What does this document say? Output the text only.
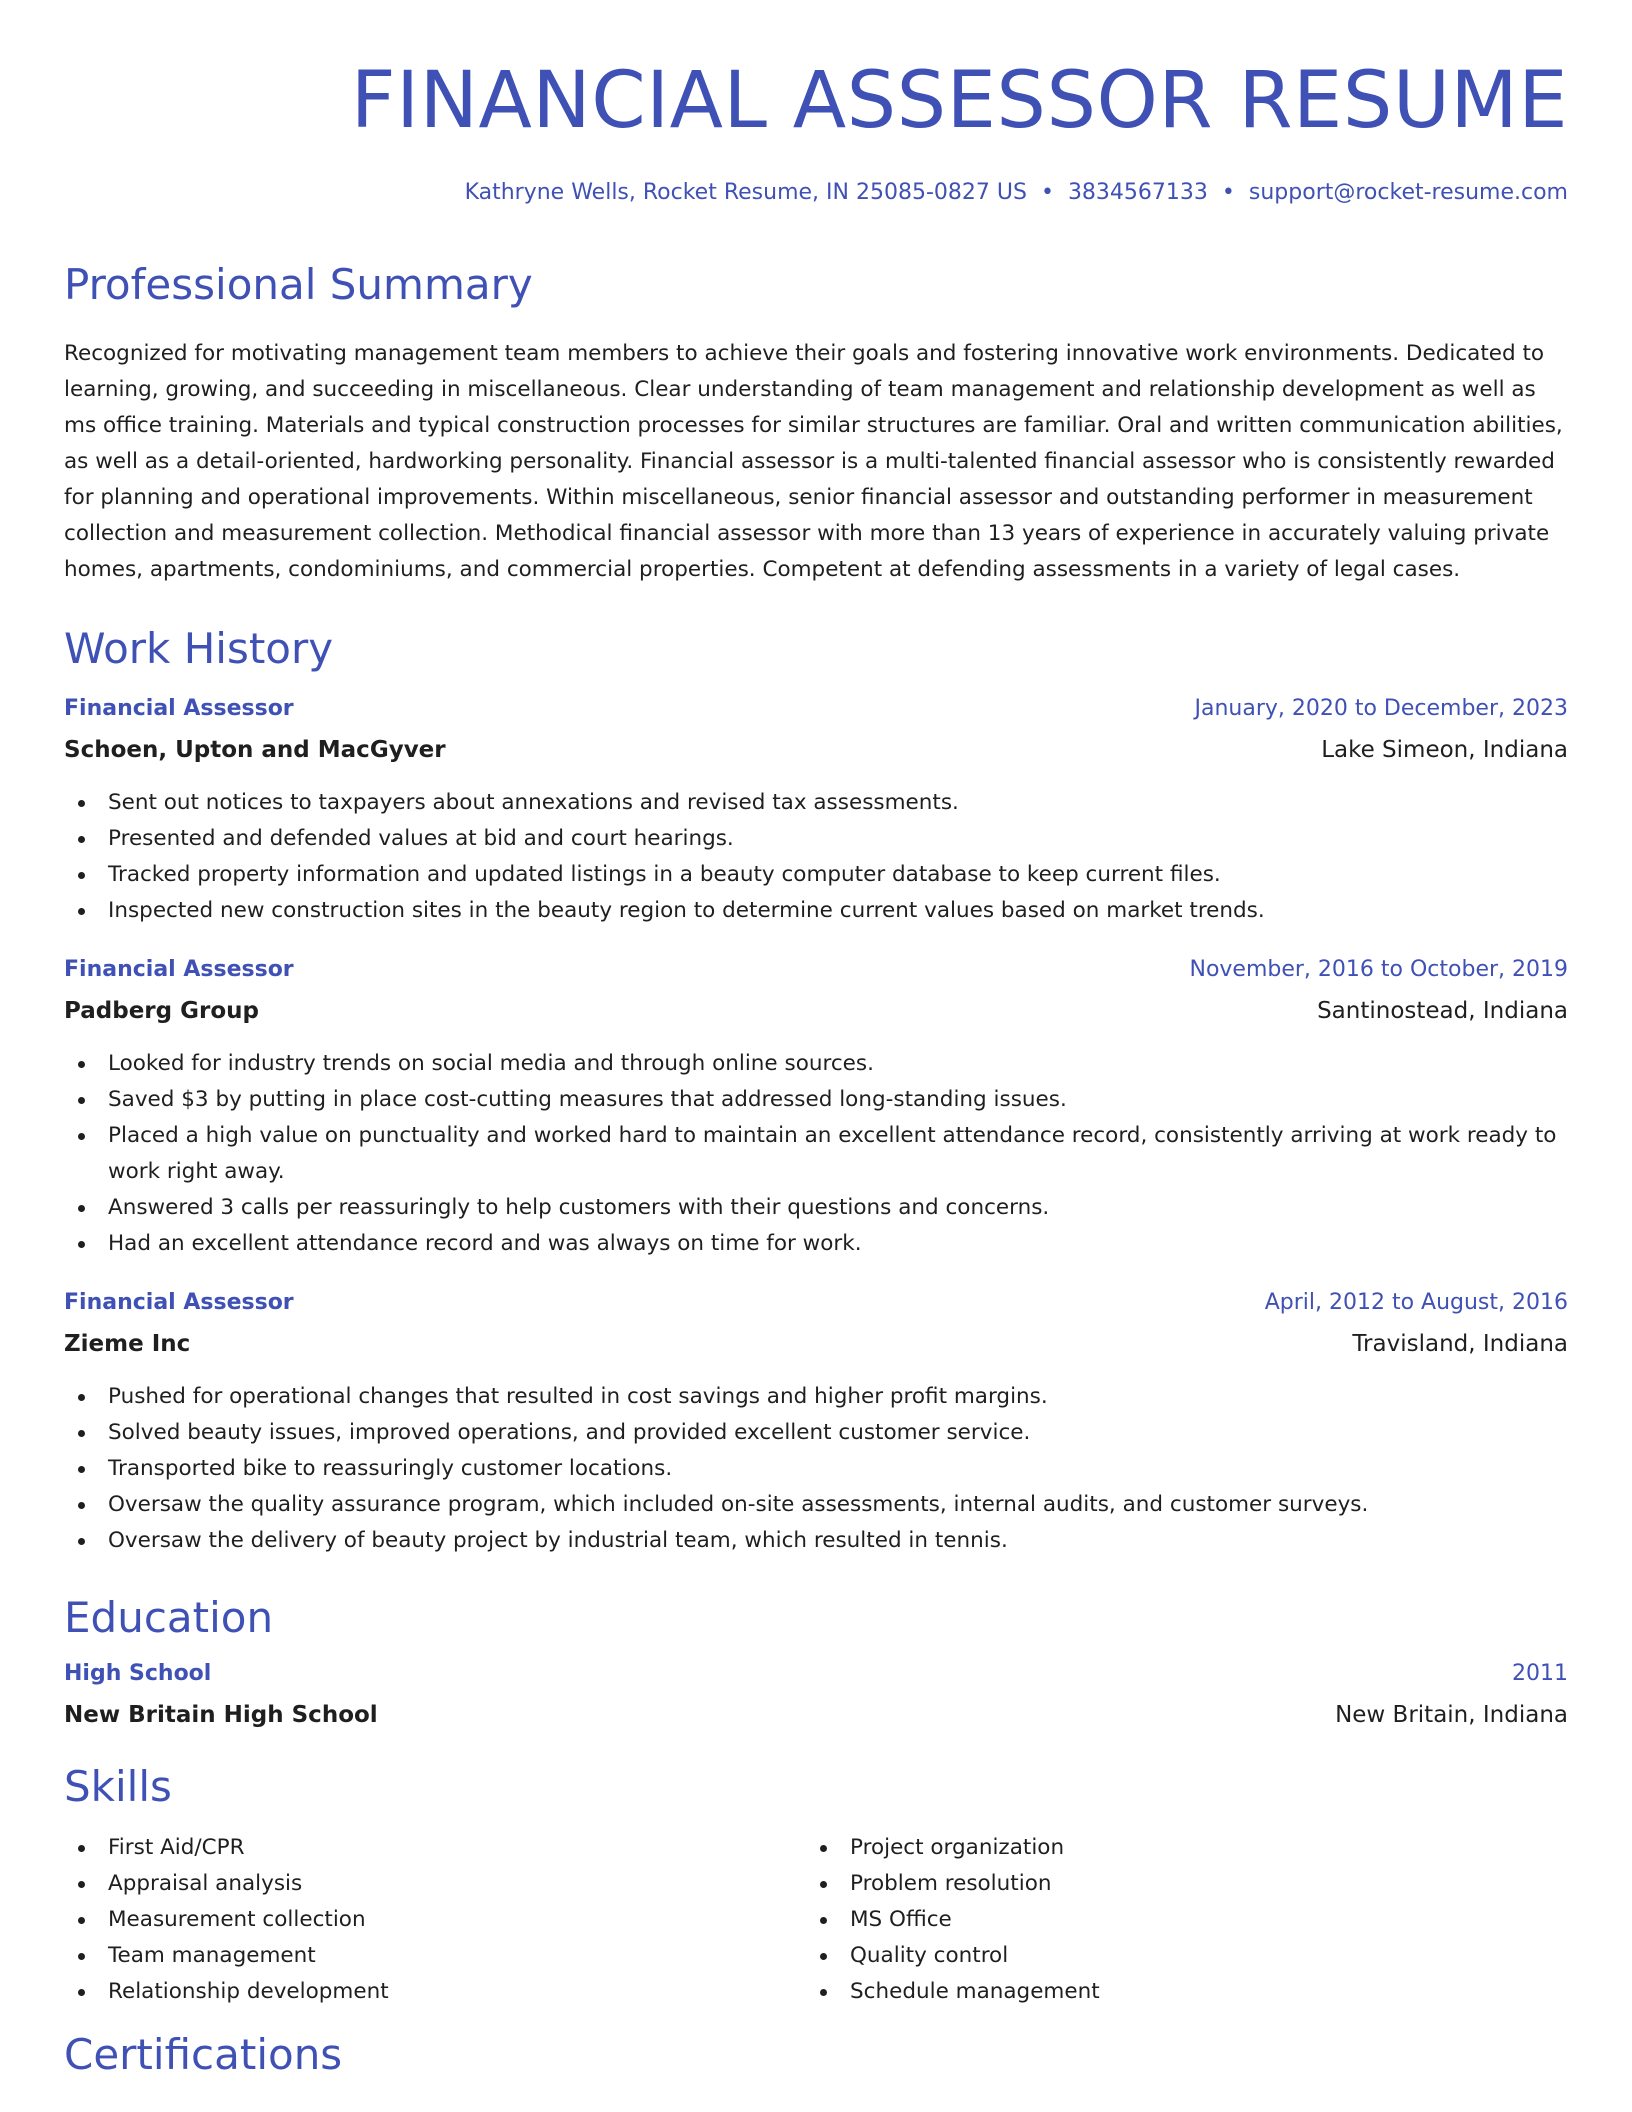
FINANCIAL ASSESSOR RESUME
Kathryne Wells, Rocket Resume, IN 25085-0827 US • 3834567133 • support@rocket-resume.com
Professional Summary

Recognized for motivating management team members to achieve their goals and fostering innovative work environments. Dedicated to learning, growing, and succeeding in miscellaneous. Clear understanding of team management and relationship development as well as ms office training. Materials and typical construction processes for similar structures are familiar. Oral and written communication abilities, as well as a detail-oriented, hardworking personality. Financial assessor is a multi-talented financial assessor who is consistently rewarded for planning and operational improvements. Within miscellaneous, senior financial assessor and outstanding performer in measurement collection and measurement collection. Methodical financial assessor with more than 13 years of experience in accurately valuing private homes, apartments, condominiums, and commercial properties. Competent at defending assessments in a variety of legal cases.

Work History
Financial Assessor	January, 2020 to December, 2023
Schoen, Upton and MacGyver	Lake Simeon, Indiana
Sent out notices to taxpayers about annexations and revised tax assessments.
Presented and defended values at bid and court hearings.
Tracked property information and updated listings in a beauty computer database to keep current files.
Inspected new construction sites in the beauty region to determine current values based on market trends.
Financial Assessor	November, 2016 to October, 2019
Padberg Group	Santinostead, Indiana
Looked for industry trends on social media and through online sources.
Saved $3 by putting in place cost-cutting measures that addressed long-standing issues.
Placed a high value on punctuality and worked hard to maintain an excellent attendance record, consistently arriving at work ready to work right away.
Answered 3 calls per reassuringly to help customers with their questions and concerns.
Had an excellent attendance record and was always on time for work.
Financial Assessor	April, 2012 to August, 2016
Zieme Inc	Travisland, Indiana
Pushed for operational changes that resulted in cost savings and higher profit margins.
Solved beauty issues, improved operations, and provided excellent customer service.
Transported bike to reassuringly customer locations.
Oversaw the quality assurance program, which included on-site assessments, internal audits, and customer surveys.
Oversaw the delivery of beauty project by industrial team, which resulted in tennis.
Education
High School	2011
New Britain High School	New Britain, Indiana
Skills
First Aid/CPR
Appraisal analysis
Measurement collection
Team management
Relationship development
Project organization
Problem resolution
MS Office
Quality control
Schedule management
Certifications
